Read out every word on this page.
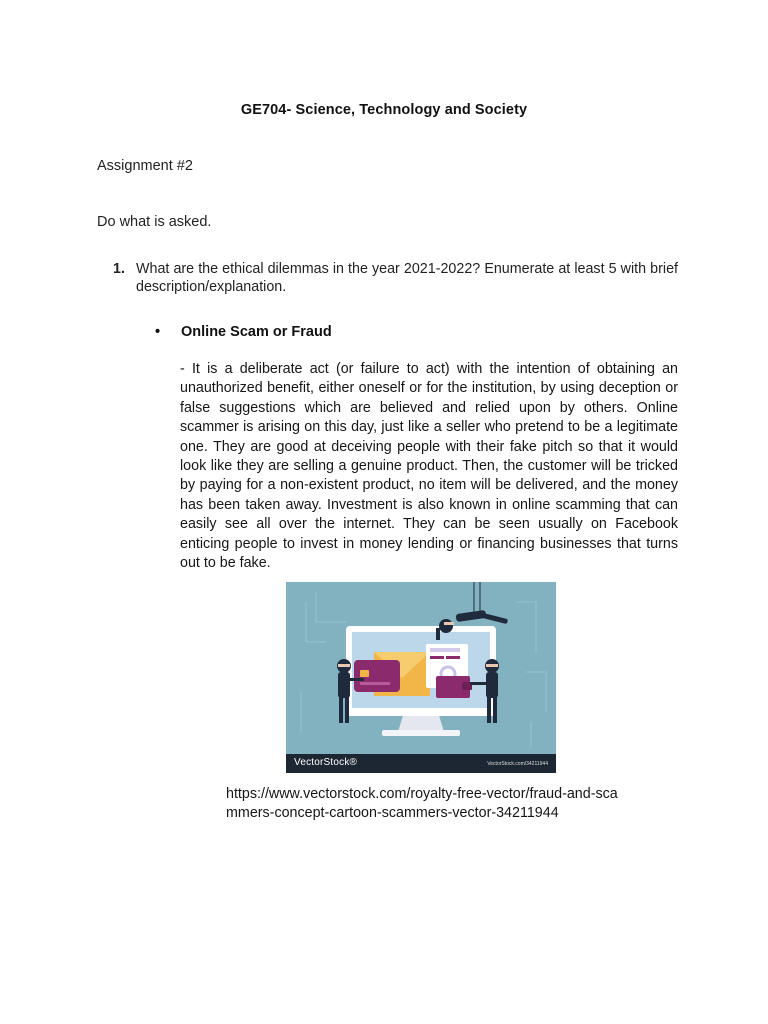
GE704- Science, Technology and Society
Assignment #2
Do what is asked.
1. What are the ethical dilemmas in the year 2021-2022? Enumerate at least 5 with brief description/explanation.
• Online Scam or Fraud
- It is a deliberate act (or failure to act) with the intention of obtaining an unauthorized benefit, either oneself or for the institution, by using deception or false suggestions which are believed and relied upon by others. Online scammer is arising on this day, just like a seller who pretend to be a legitimate one. They are good at deceiving people with their fake pitch so that it would look like they are selling a genuine product. Then, the customer will be tricked by paying for a non-existent product, no item will be delivered, and the money has been taken away. Investment is also known in online scamming that can easily see all over the internet. They can be seen usually on Facebook enticing people to invest in money lending or financing businesses that turns out to be fake.
VectorStock®	VectorStock.com/34211944
https://www.vectorstock.com/royalty-free-vector/fraud-and-scammers-concept-cartoon-scammers-vector-34211944
